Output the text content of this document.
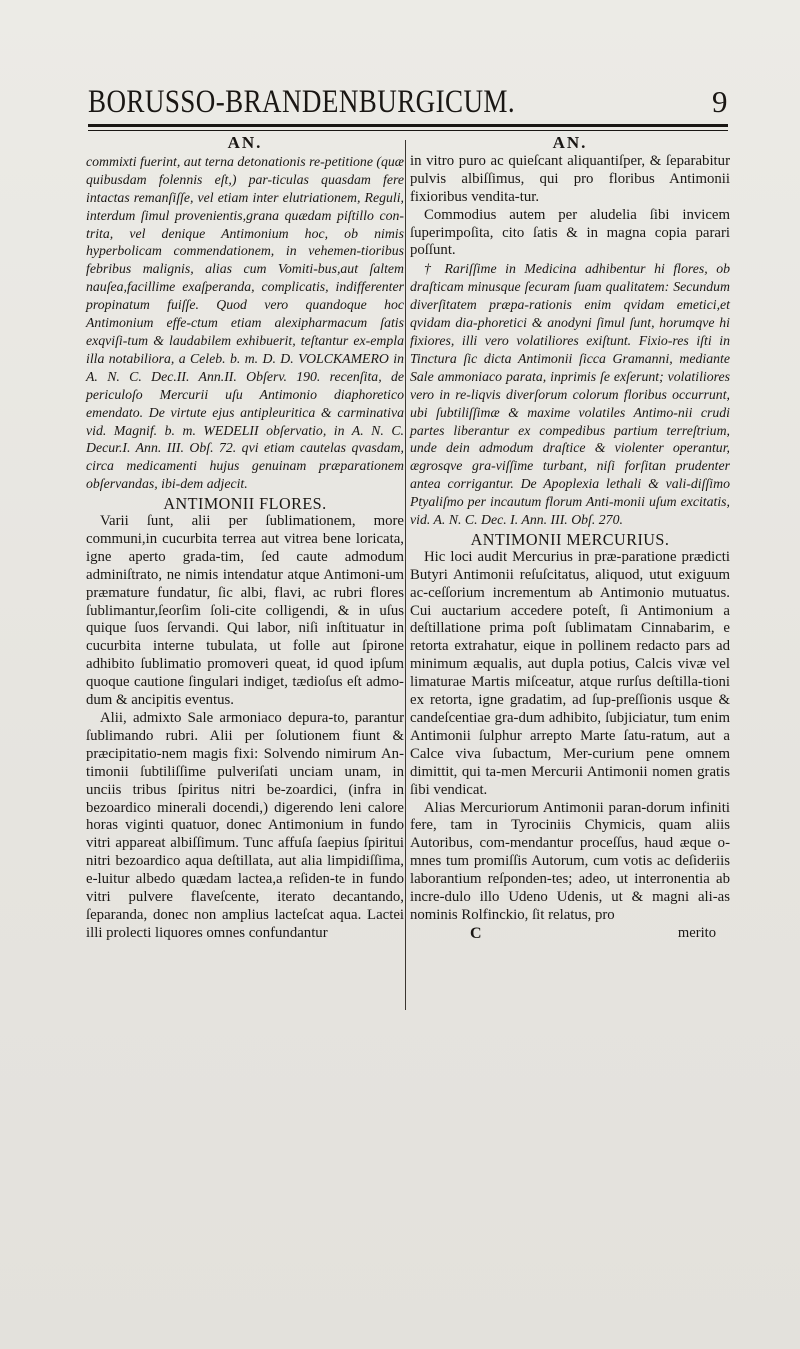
BORUSSO-BRANDENBURGICUM.	9
AN.

commixti fuerint, aut terna detonationis re-petitione (quæ quibusdam folennis eſt,) par-ticulas quasdam fere intactas remanſiſſe, vel etiam inter elutriationem, Reguli, interdum ſimul provenientis,grana quædam piſtillo con-trita, vel denique Antimonium hoc, ob nimis hyperbolicam commendationem, in vehemen-tioribus febribus malignis, alias cum Vomiti-bus,aut ſaltem nauſea,facillime exaſperanda, complicatis, indifferenter propinatum fuiſſe. Quod vero quandoque hoc Antimonium effe-ctum etiam alexipharmacum ſatis exqviſi-tum & laudabilem exhibuerit, teſtantur ex-empla illa notabiliora, a Celeb. b. m. D. D. VOLCKAMERO in A. N. C. Dec.II. Ann.II. Obſerv. 190. recenſita, de periculoſo Mercurii uſu Antimonio diaphoretico emendato. De virtute ejus antipleuritica & carminativa vid. Magnif. b. m. WEDELII obſervatio, in A. N. C. Decur.I. Ann. III. Obſ. 72. qvi etiam cautelas qvasdam, circa medicamenti hujus genuinam præparationem obſervandas, ibi-dem adjecit.

ANTIMONII FLORES.

Varii ſunt, alii per ſublimationem, more communi,in cucurbita terrea aut vitrea bene loricata, igne aperto grada-tim, ſed caute admodum adminiſtrato, ne nimis intendatur atque Antimoni-um præmature fundatur, ſic albi, flavi, ac rubri flores ſublimantur,ſeorſim ſoli-cite colligendi, & in uſus quique ſuos ſervandi. Qui labor, niſi inſtituatur in cucurbita interne tubulata, ut folle aut ſpirone adhibito ſublimatio promoveri queat, id quod ipſum quoque cautione ſingulari indiget, tædioſus eſt admo-dum & ancipitis eventus.

Alii, admixto Sale armoniaco depura-to, parantur ſublimando rubri. Alii per ſolutionem fiunt & præcipitatio-nem magis fixi: Solvendo nimirum An-timonii ſubtiliſſime pulveriſati unciam unam, in unciis tribus ſpiritus nitri be-zoardici, (infra in bezoardico minerali docendi,) digerendo leni calore horas viginti quatuor, donec Antimonium in fundo vitri appareat albiſſimum. Tunc affuſa ſaepius ſpiritui nitri bezoardico aqua deſtillata, aut alia limpidiſſima, e-luitur albedo quædam lactea,a reſiden-te in fundo vitri pulvere flaveſcente, iterato decantando, ſeparanda, donec non amplius lacteſcat aqua. Lactei illi prolecti liquores omnes confundantur

AN.

in vitro puro ac quieſcant aliquantiſper, & ſeparabitur pulvis albiſſimus, qui pro floribus Antimonii fixioribus vendita-tur.

Commodius autem per aludelia ſibi invicem ſuperimpoſita, cito ſatis & in magna copia parari poſſunt.

† Rariſſime in Medicina adhibentur hi flores, ob draſticam minusque ſecuram ſuam qualitatem: Secundum diverſitatem præpa-rationis enim qvidam emetici,et qvidam dia-phoretici & anodyni ſimul ſunt, horumqve hi fixiores, illi vero volatiliores exiſtunt. Fixio-res iſti in Tinctura ſic dicta Antimonii ſicca Gramanni, mediante Sale ammoniaco parata, inprimis ſe exſerunt; volatiliores vero in re-liqvis diverſorum colorum floribus occurrunt, ubi ſubtiliſſimæ & maxime volatiles Antimo-nii crudi partes liberantur ex compedibus partium terreſtrium, unde dein admodum draſtice & violenter operantur, ægrosqve gra-viſſime turbant, niſi forſitan prudenter antea corrigantur. De Apoplexia lethali & vali-diſſimo Ptyaliſmo per incautum florum Anti-monii uſum excitatis, vid. A. N. C. Dec. I. Ann. III. Obſ. 270.

ANTIMONII MERCURIUS.

Hic loci audit Mercurius in præ-paratione prædicti Butyri Antimonii reſuſcitatus, aliquod, utut exiguum ac-ceſſorium incrementum ab Antimonio mutuatus. Cui auctarium accedere poteſt, ſi Antimonium a deſtillatione prima poſt ſublimatam Cinnabarim, e retorta extrahatur, eique in pollinem redacto pars ad minimum æqualis, aut dupla potius, Calcis vivæ vel limaturae Martis miſceatur, atque rurſus deſtilla-tioni ex retorta, igne gradatim, ad ſup-preſſionis usque & candeſcentiae gra-dum adhibito, ſubjiciatur, tum enim Antimonii ſulphur arrepto Marte ſatu-ratum, aut a Calce viva ſubactum, Mer-curium pene omnem dimittit, qui ta-men Mercurii Antimonii nomen gratis ſibi vendicat.

Alias Mercuriorum Antimonii paran-dorum infiniti fere, tam in Tyrociniis Chymicis, quam aliis Autoribus, com-mendantur proceſſus, haud æque o-mnes tum promiſſis Autorum, cum votis ac deſideriis laborantium reſponden-tes; adeo, ut interronentia ab incre-dulo illo Udeno Udenis, ut & magni ali-as nominis Rolfinckio, ſit relatus, pro

C	merito
